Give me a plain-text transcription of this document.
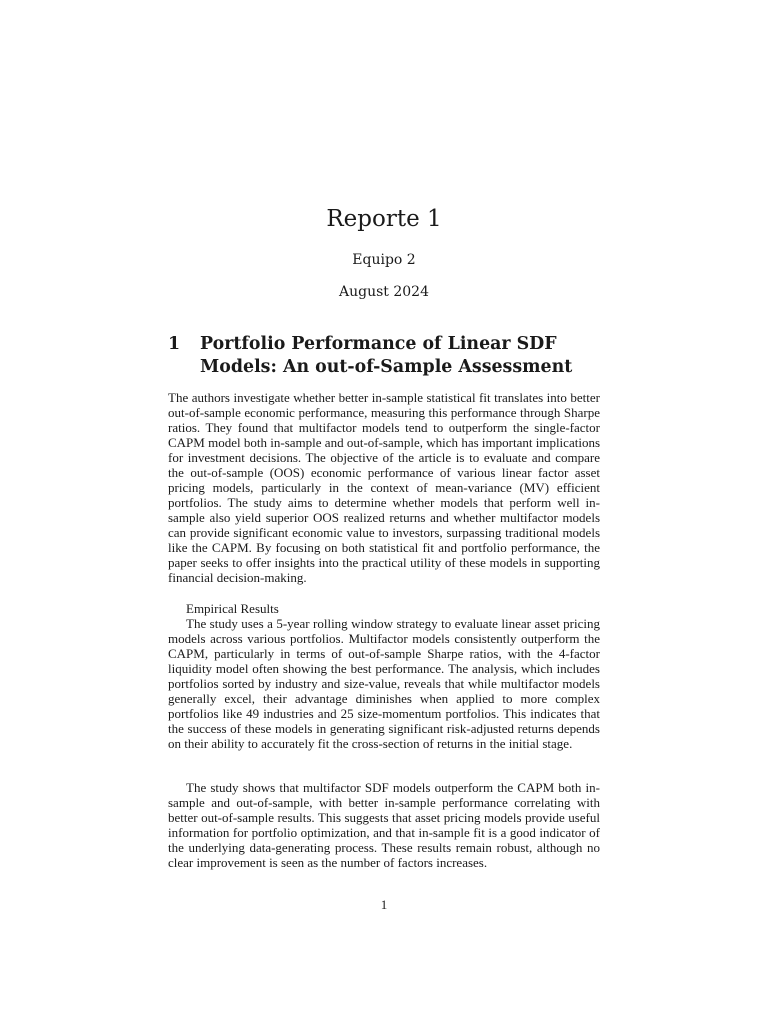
Reporte 1
Equipo 2
August 2024
1 Portfolio Performance of Linear SDF Models: An out-of-Sample Assessment

The authors investigate whether better in-sample statistical fit translates into better out-of-sample economic performance, measuring this performance through Sharpe ratios. They found that multifactor models tend to outperform the single-factor CAPM model both in-sample and out-of-sample, which has important implications for investment decisions. The objective of the article is to evaluate and compare the out-of-sample (OOS) economic performance of various linear factor asset pricing models, particularly in the context of mean-variance (MV) efficient portfolios. The study aims to determine whether models that perform well in-sample also yield superior OOS realized returns and whether multifactor models can provide significant economic value to investors, surpassing traditional models like the CAPM. By focusing on both statistical fit and portfolio performance, the paper seeks to offer insights into the practical utility of these models in supporting financial decision-making.

Empirical Results

The study uses a 5-year rolling window strategy to evaluate linear asset pricing models across various portfolios. Multifactor models consistently outperform the CAPM, particularly in terms of out-of-sample Sharpe ratios, with the 4-factor liquidity model often showing the best performance. The analysis, which includes portfolios sorted by industry and size-value, reveals that while multifactor models generally excel, their advantage diminishes when applied to more complex portfolios like 49 industries and 25 size-momentum portfolios. This indicates that the success of these models in generating significant risk-adjusted returns depends on their ability to accurately fit the cross-section of returns in the initial stage.

The study shows that multifactor SDF models outperform the CAPM both in-sample and out-of-sample, with better in-sample performance correlating with better out-of-sample results. This suggests that asset pricing models provide useful information for portfolio optimization, and that in-sample fit is a good indicator of the underlying data-generating process. These results remain robust, although no clear improvement is seen as the number of factors increases.

1
